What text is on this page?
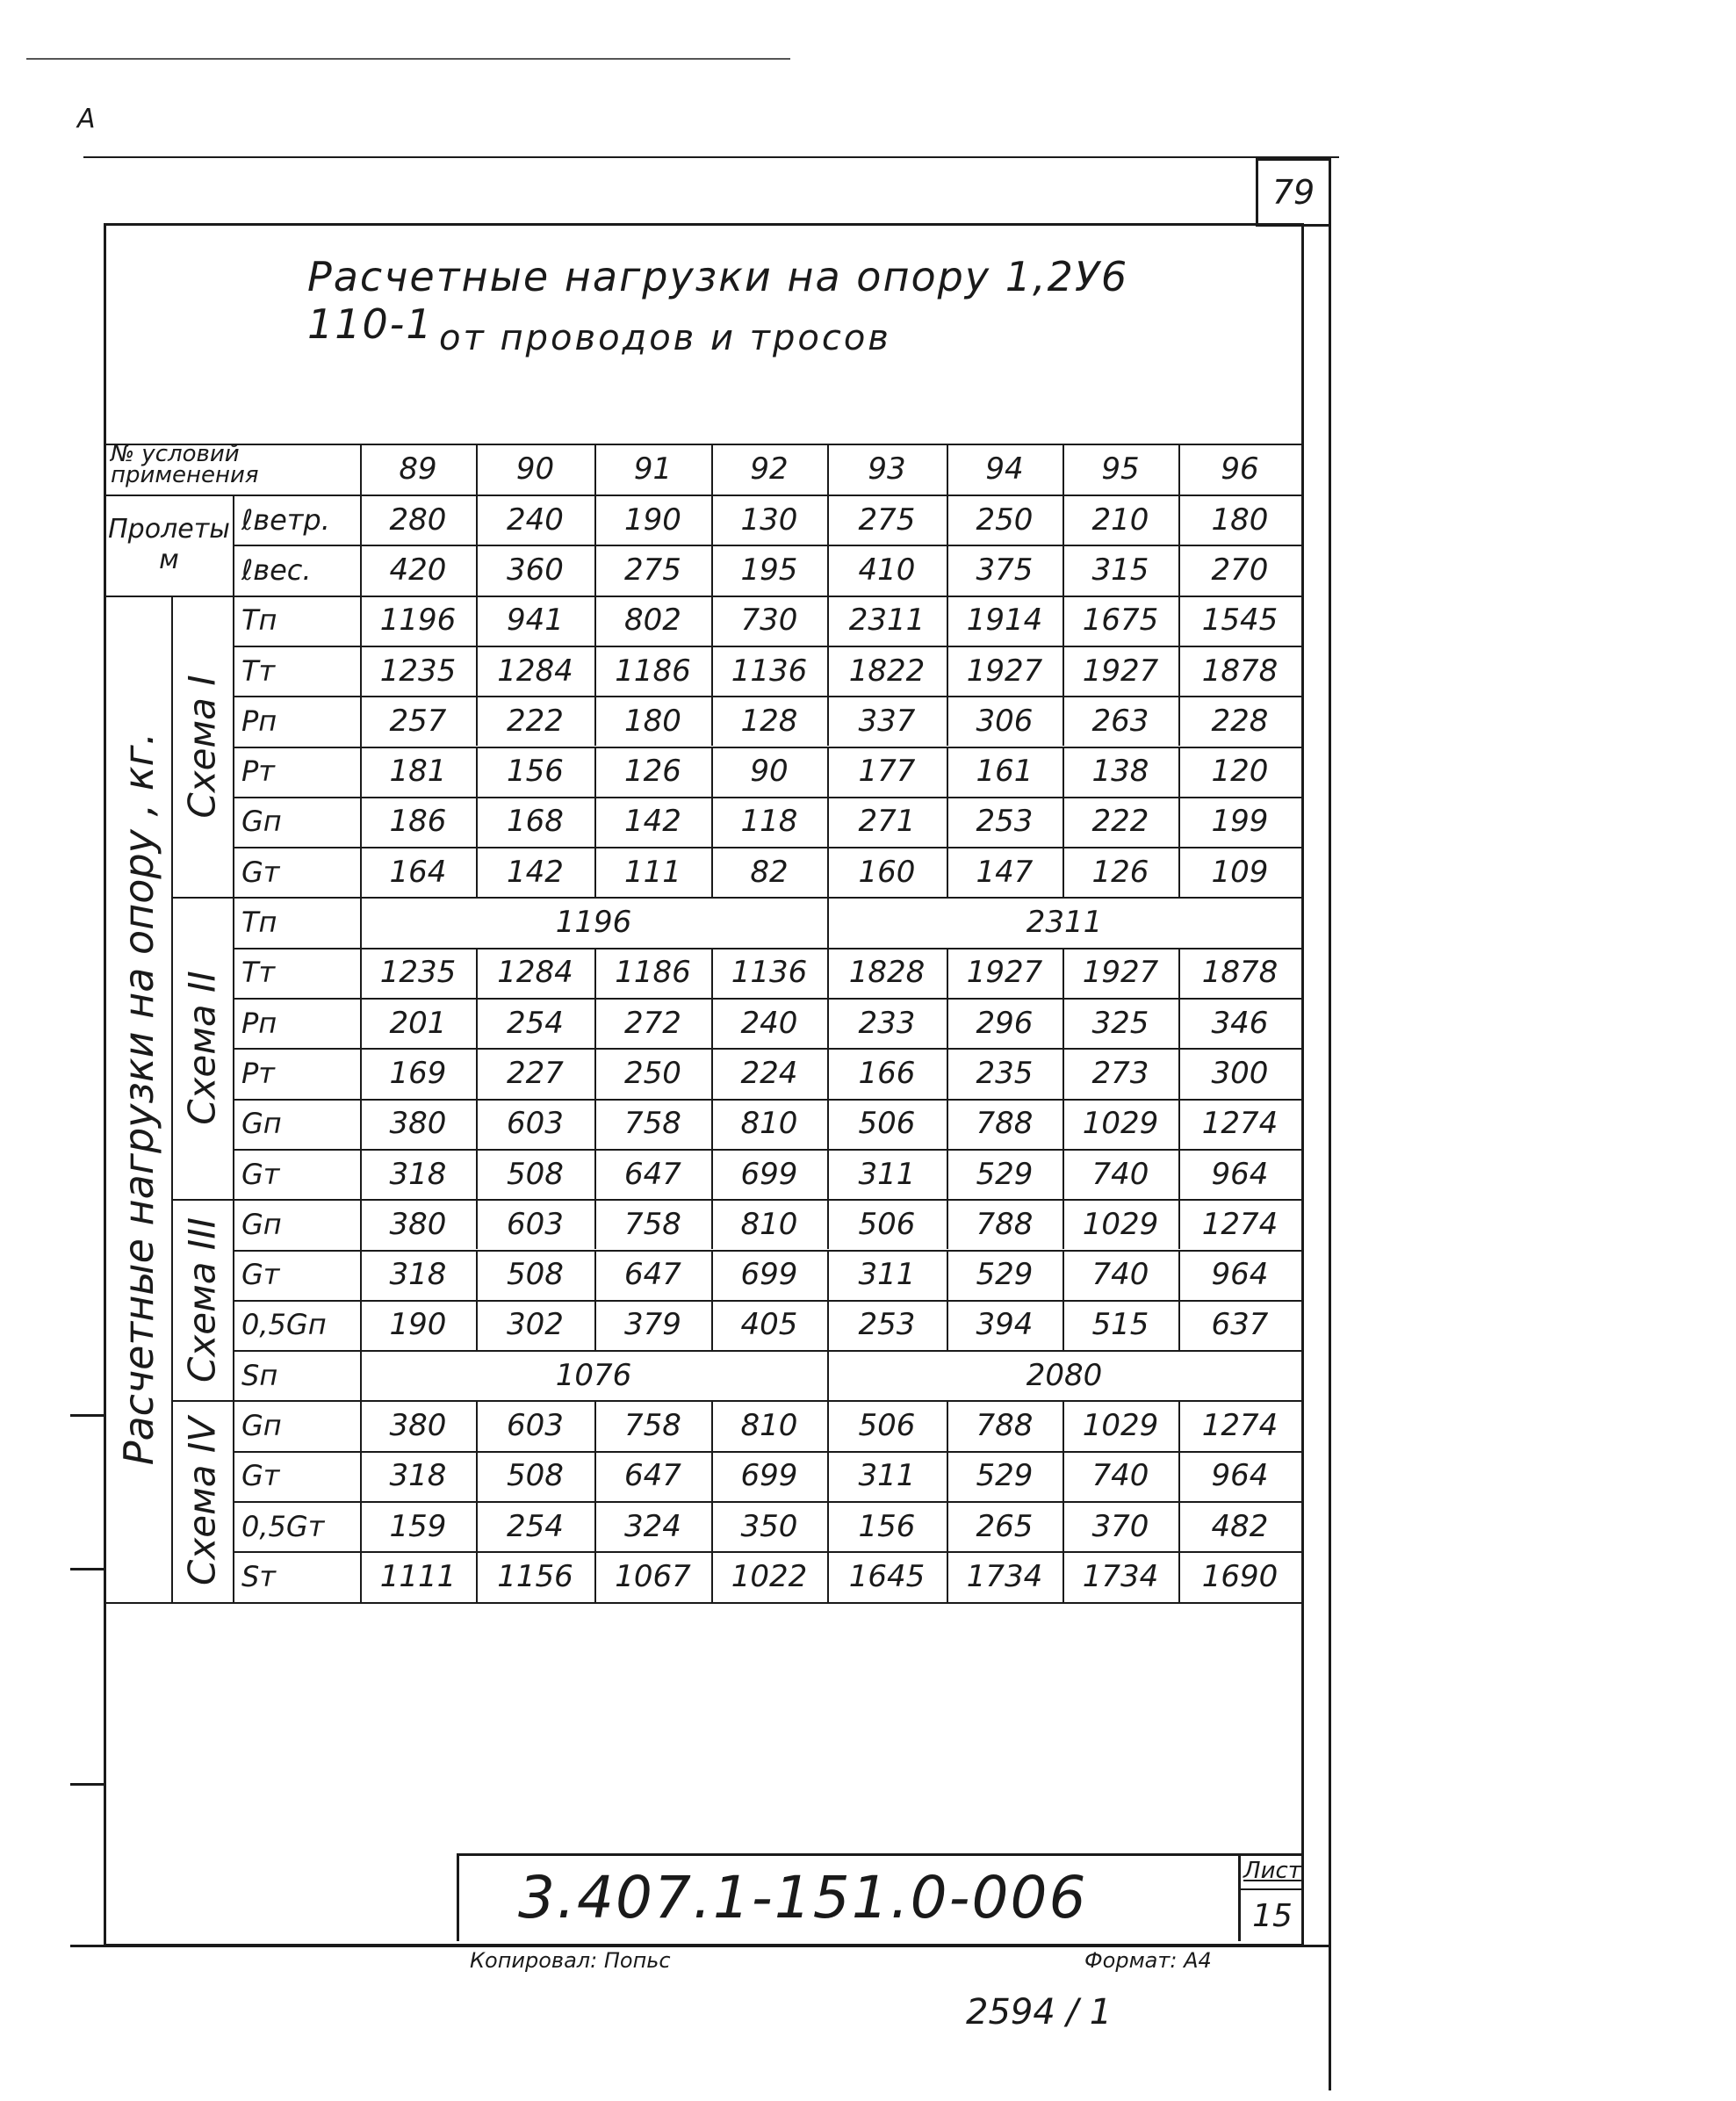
A
79
Расчетные нагрузки на опору 1,2У6 110-1 от проводов и тросов
№ условий
применения	89	90	91	92	93	94	95	96
Пролеты
м
ℓветр.	280	240	190	130	275	250	210	180
ℓвес.	420	360	275	195	410	375	315	270
Схема I
Тп	1196	941	802	730	2311	1914	1675	1545
Тт	1235	1284	1186	1136	1822	1927	1927	1878
Рп	257	222	180	128	337	306	263	228
Рт	181	156	126	90	177	161	138	120
Gп	186	168	142	118	271	253	222	199
Gт	164	142	111	82	160	147	126	109
Схема II
Тп	1196	2311
Тт	1235	1284	1186	1136	1828	1927	1927	1878
Рп	201	254	272	240	233	296	325	346
Рт	169	227	250	224	166	235	273	300
Gп	380	603	758	810	506	788	1029	1274
Gт	318	508	647	699	311	529	740	964
Схема III Gп	380	603	758	810	506	788	1029	1274
Gт	318	508	647	699	311	529	740	964
0,5Gп	190	302	379	405	253	394	515	637
Sп	1076	2080
Схема IV Gп	380	603	758	810	506	788	1029	1274
Gт	318	508	647	699	311	529	740	964
0,5Gт	159	254	324	350	156	265	370	482
Sт	1111	1156	1067	1022	1645	1734	1734	1690
Расчетные нагрузки на опору , кг.
3.407.1-151.0-006	Лист
15
Копировал: Попьс	Формат: А4
2594 / 1
